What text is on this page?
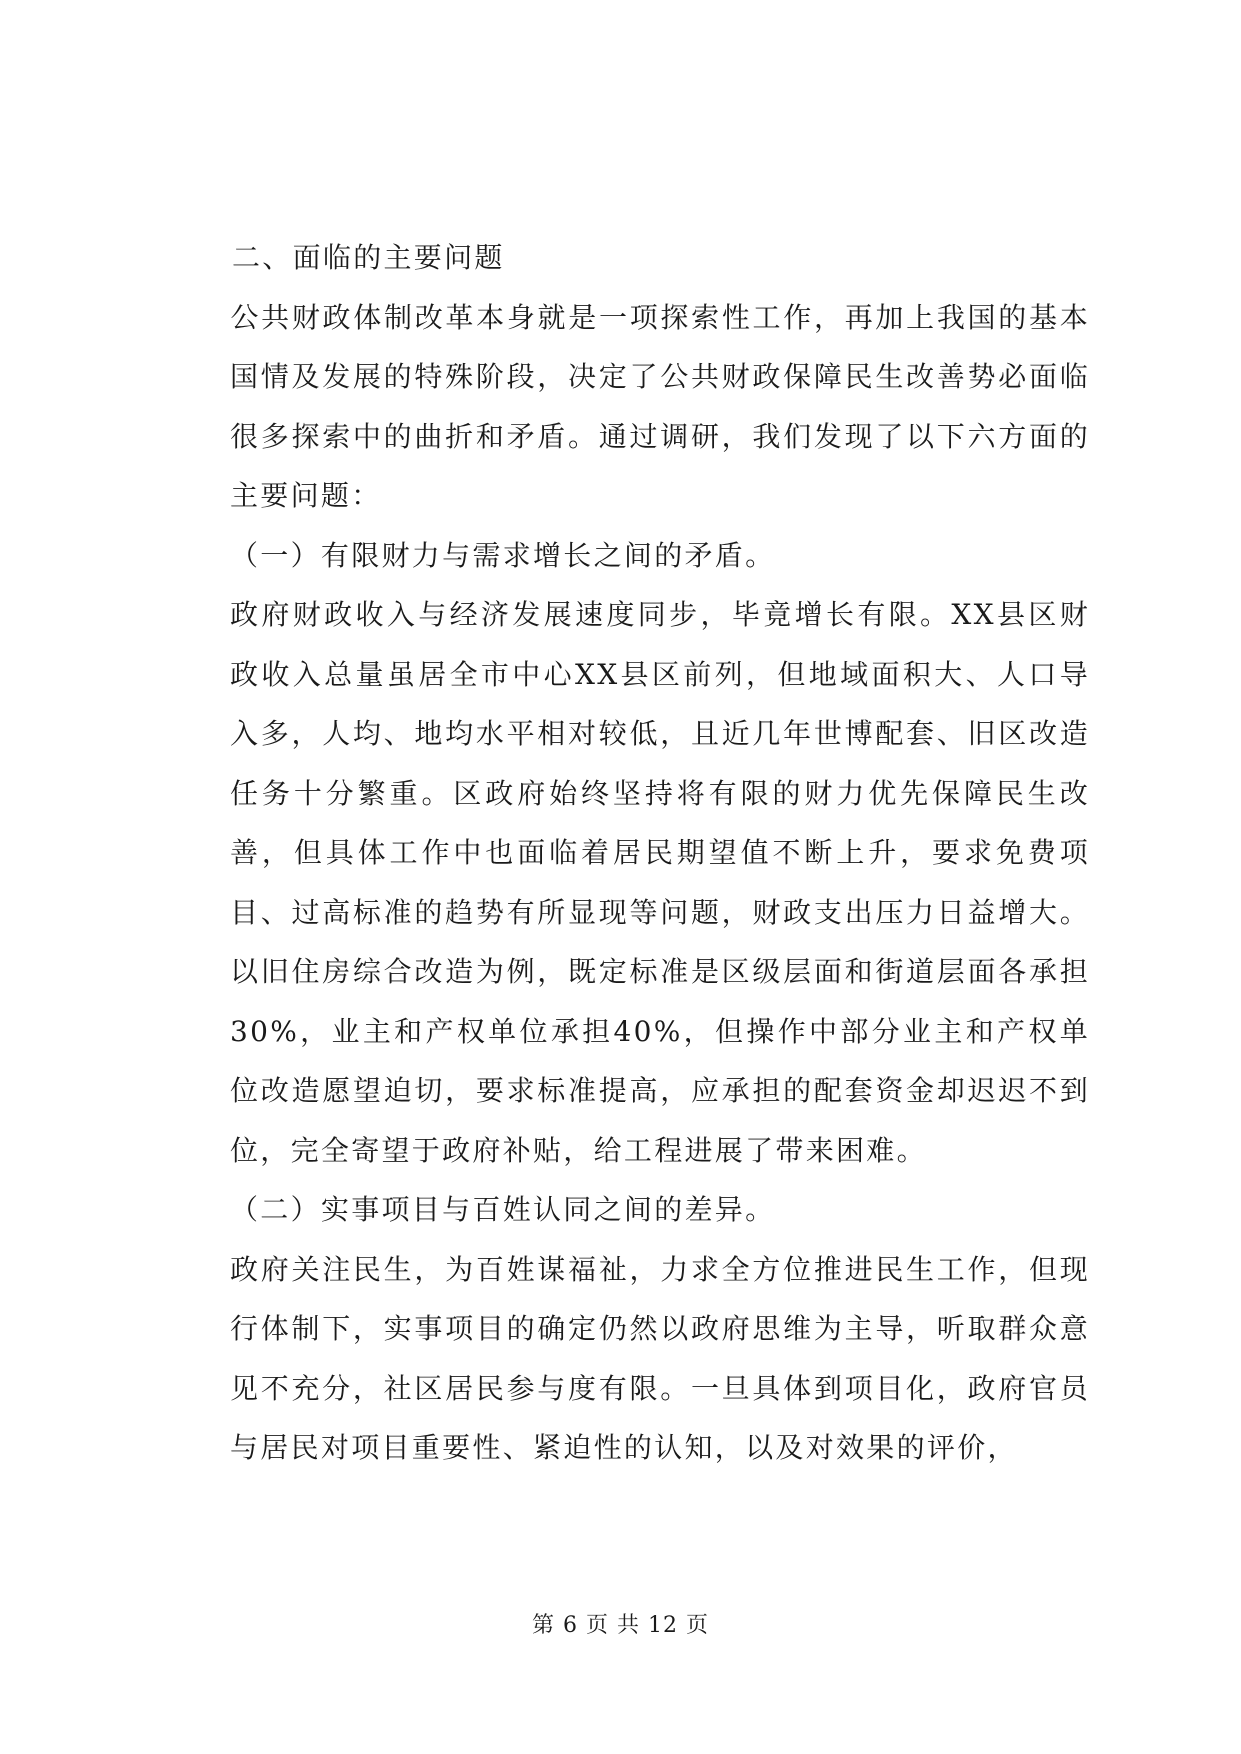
二、面临的主要问题

公共财政体制改革本身就是一项探索性工作，再加上我国的基本国情及发展的特殊阶段，决定了公共财政保障民生改善势必面临很多探索中的曲折和矛盾。通过调研，我们发现了以下六方面的主要问题：

（一）有限财力与需求增长之间的矛盾。

政府财政收入与经济发展速度同步，毕竟增长有限。XX县区财政收入总量虽居全市中心XX县区前列，但地域面积大、人口导入多，人均、地均水平相对较低，且近几年世博配套、旧区改造任务十分繁重。区政府始终坚持将有限的财力优先保障民生改善，但具体工作中也面临着居民期望值不断上升，要求免费项目、过高标准的趋势有所显现等问题，财政支出压力日益增大。以旧住房综合改造为例，既定标准是区级层面和街道层面各承担30%，业主和产权单位承担40%，但操作中部分业主和产权单位改造愿望迫切，要求标准提高，应承担的配套资金却迟迟不到位，完全寄望于政府补贴，给工程进展了带来困难。

（二）实事项目与百姓认同之间的差异。

政府关注民生，为百姓谋福祉，力求全方位推进民生工作，但现行体制下，实事项目的确定仍然以政府思维为主导，听取群众意见不充分，社区居民参与度有限。一旦具体到项目化，政府官员与居民对项目重要性、紧迫性的认知，以及对效果的评价，

第 6 页 共 12 页
